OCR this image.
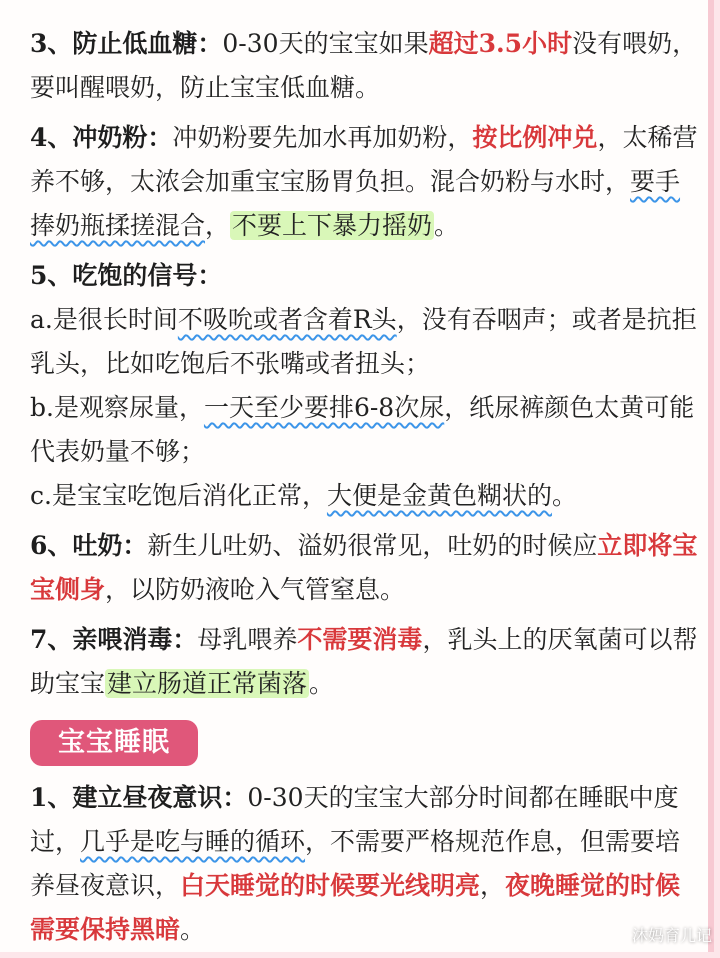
3、防止低血糖：0-30天的宝宝如果超过3.5小时没有喂奶，要叫醒喂奶，防止宝宝低血糖。

4、冲奶粉：冲奶粉要先加水再加奶粉，按比例冲兑，太稀营养不够，太浓会加重宝宝肠胃负担。混合奶粉与水时，要手捧奶瓶揉搓混合，不要上下暴力摇奶。

5、吃饱的信号：

a.是很长时间不吸吮或者含着R头，没有吞咽声；或者是抗拒乳头，比如吃饱后不张嘴或者扭头；

b.是观察尿量，一天至少要排6-8次尿，纸尿裤颜色太黄可能代表奶量不够；

c.是宝宝吃饱后消化正常，大便是金黄色糊状的。

6、吐奶：新生儿吐奶、溢奶很常见，吐奶的时候应立即将宝宝侧身，以防奶液呛入气管窒息。

7、亲喂消毒：母乳喂养不需要消毒，乳头上的厌氧菌可以帮助宝宝建立肠道正常菌落。

宝宝睡眠

1、建立昼夜意识：0-30天的宝宝大部分时间都在睡眠中度过，几乎是吃与睡的循环，不需要严格规范作息，但需要培养昼夜意识，白天睡觉的时候要光线明亮，夜晚睡觉的时候需要保持黑暗。	沐妈育儿记
